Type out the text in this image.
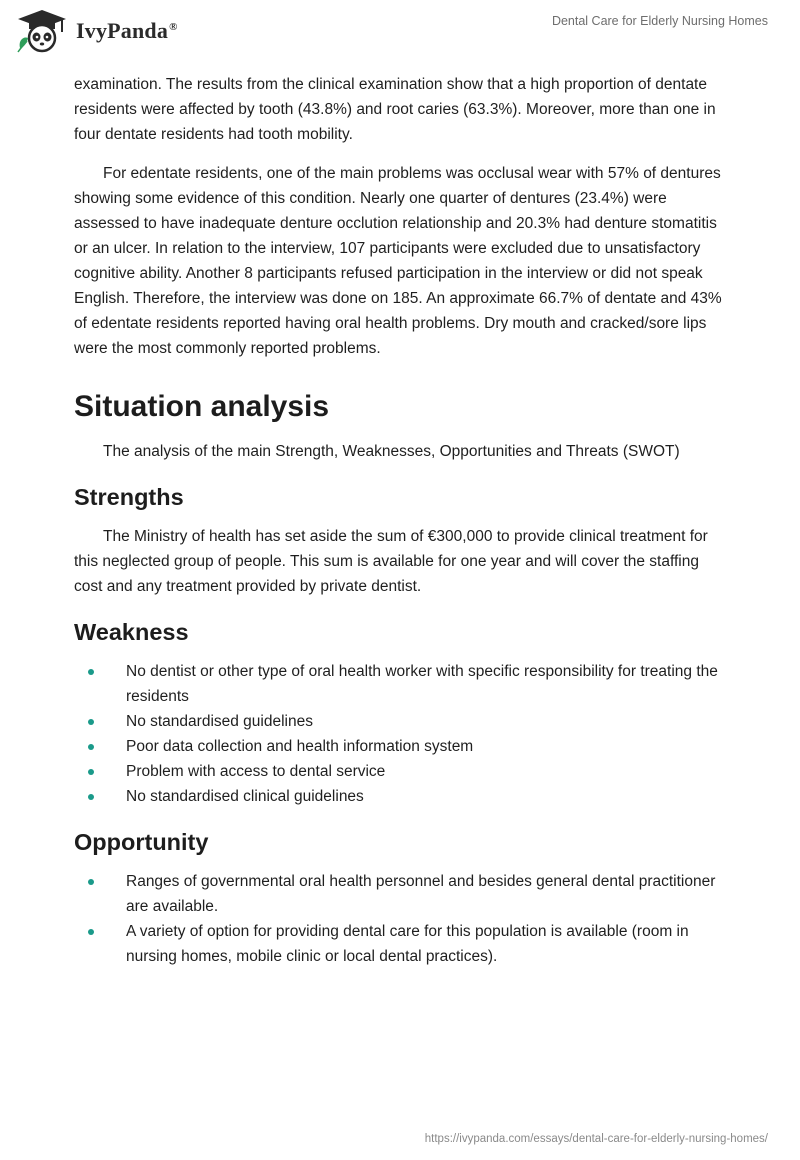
IvyPanda®	Dental Care for Elderly Nursing Homes

examination. The results from the clinical examination show that a high proportion of dentate residents were affected by tooth (43.8%) and root caries (63.3%). Moreover, more than one in four dentate residents had tooth mobility.

For edentate residents, one of the main problems was occlusal wear with 57% of dentures showing some evidence of this condition. Nearly one quarter of dentures (23.4%) were assessed to have inadequate denture occlution relationship and 20.3% had denture stomatitis or an ulcer. In relation to the interview, 107 participants were excluded due to unsatisfactory cognitive ability. Another 8 participants refused participation in the interview or did not speak English. Therefore, the interview was done on 185. An approximate 66.7% of dentate and 43% of edentate residents reported having oral health problems. Dry mouth and cracked/sore lips were the most commonly reported problems.

Situation analysis

The analysis of the main Strength, Weaknesses, Opportunities and Threats (SWOT)

Strengths

The Ministry of health has set aside the sum of €300,000 to provide clinical treatment for this neglected group of people. This sum is available for one year and will cover the staffing cost and any treatment provided by private dentist.

Weakness
No dentist or other type of oral health worker with specific responsibility for treating the residents
No standardised guidelines
Poor data collection and health information system
Problem with access to dental service
No standardised clinical guidelines
Opportunity
Ranges of governmental oral health personnel and besides general dental practitioner are available.
A variety of option for providing dental care for this population is available (room in nursing homes, mobile clinic or local dental practices).
https://ivypanda.com/essays/dental-care-for-elderly-nursing-homes/
